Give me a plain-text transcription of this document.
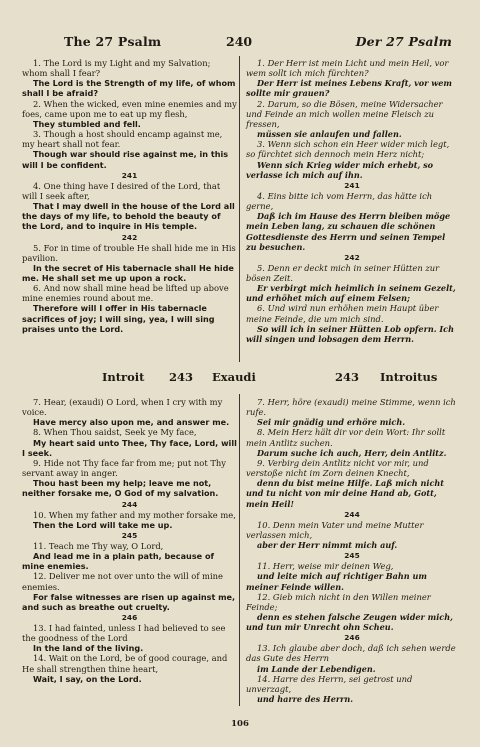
The 27 Psalm	240	Der 27 Psalm

1. The Lord is my Light and my Salvation; whom shall I fear?

The Lord is the Strength of my life, of whom shall I be afraid?

2. When the wicked, even mine enemies and my foes, came upon me to eat up my flesh,

They stumbled and fell.

3. Though a host should encamp against me, my heart shall not fear.

Though war should rise against me, in this will I be confident.

241

4. One thing have I desired of the Lord, that will I seek after,

That I may dwell in the house of the Lord all the days of my life, to behold the beauty of the Lord, and to inquire in His temple.

242

5. For in time of trouble He shall hide me in His pavilion.

In the secret of His tabernacle shall He hide me. He shall set me up upon a rock.

6. And now shall mine head be lifted up above mine enemies round about me.

Therefore will I offer in His tabernacle sacrifices of joy; I will sing, yea, I will sing praises unto the Lord.

1. Der Herr ist mein Licht und mein Heil, vor wem sollt ich mich fürchten?

Der Herr ist meines Lebens Kraft, vor wem sollte mir grauen?

2. Darum, so die Bösen, meine Widersacher und Feinde an mich wollen meine Fleisch zu fressen,

müssen sie anlaufen und fallen.

3. Wenn sich schon ein Heer wider mich legt, so fürchtet sich dennoch mein Herz nicht;

Wenn sich Krieg wider mich erhebt, so verlasse ich mich auf ihn.

241

4. Eins bitte ich vom Herrn, das hätte ich gerne,

Daß ich im Hause des Herrn bleiben möge mein Leben lang, zu schauen die schönen Gottesdienste des Herrn und seinen Tempel zu besuchen.

242

5. Denn er deckt mich in seiner Hütten zur bösen Zeit.

Er verbirgt mich heimlich in seinem Gezelt, und erhöhet mich auf einem Felsen;

6. Und wird nun erhöhen mein Haupt über meine Feinde, die um mich sind.

So will ich in seiner Hütten Lob opfern. Ich will singen und lobsagen dem Herrn.

Introit 243 Exaudi	243 Introitus

7. Hear, (exaudi) O Lord, when I cry with my voice.

Have mercy also upon me, and answer me.

8. When Thou saidst, Seek ye My face,

My heart said unto Thee, Thy face, Lord, will I seek.

9. Hide not Thy face far from me; put not Thy servant away in anger.

Thou hast been my help; leave me not, neither forsake me, O God of my salvation.

244

10. When my father and my mother forsake me,

Then the Lord will take me up.

245

11. Teach me Thy way, O Lord,

And lead me in a plain path, because of mine enemies.

12. Deliver me not over unto the will of mine enemies.

For false witnesses are risen up against me, and such as breathe out cruelty.

246

13. I had fainted, unless I had believed to see the goodness of the Lord

In the land of the living.

14. Wait on the Lord, be of good courage, and He shall strengthen thine heart,

Wait, I say, on the Lord.

7. Herr, höre (exaudi) meine Stimme, wenn ich rufe.

Sei mir gnädig und erhöre mich.

8. Mein Herz hält dir vor dein Wort: Ihr sollt mein Antlitz suchen.

Darum suche ich auch, Herr, dein Antlitz.

9. Verbirg dein Antlitz nicht vor mir, und verstoße nicht im Zorn deinen Knecht,

denn du bist meine Hilfe. Laß mich nicht und tu nicht von mir deine Hand ab, Gott, mein Heil!

244

10. Denn mein Vater und meine Mutter verlassen mich,

aber der Herr nimmt mich auf.

245

11. Herr, weise mir deinen Weg,

und leite mich auf richtiger Bahn um meiner Feinde willen.

12. Gieb mich nicht in den Willen meiner Feinde;

denn es stehen falsche Zeugen wider mich, und tun mir Unrecht ohn Scheu.

246

13. Ich glaube aber doch, daß ich sehen werde das Gute des Herrn

im Lande der Lebendigen.

14. Harre des Herrn, sei getrost und unverzagt,

und harre des Herrn.

106
